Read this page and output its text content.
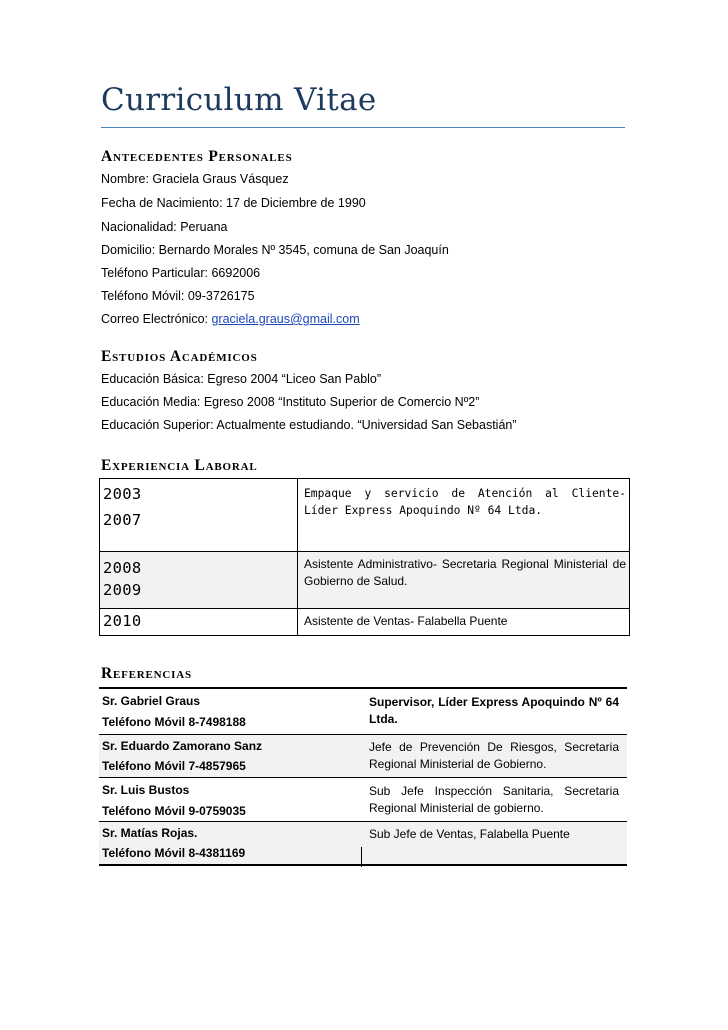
Curriculum Vitae
Antecedentes Personales

Nombre: Graciela Graus Vásquez

Fecha de Nacimiento: 17 de Diciembre de 1990

Nacionalidad: Peruana

Domicilio: Bernardo Morales Nº 3545, comuna de San Joaquín

Teléfono Particular: 6692006

Teléfono Móvil: 09-3726175

Correo Electrónico: graciela.graus@gmail.com

Estudios Académicos

Educación Básica: Egreso 2004 “Liceo San Pablo”

Educación Media: Egreso 2008 “Instituto Superior de Comercio Nº2”

Educación Superior: Actualmente estudiando. “Universidad San Sebastián”

Experiencia Laboral
2003
2007
Empaque y servicio de Atención al Cliente- Líder Express Apoquindo Nº 64 Ltda.
2008
2009
Asistente Administrativo- Secretaria Regional Ministerial de Gobierno de Salud.
2010	Asistente de Ventas- Falabella Puente
Referencias
Sr. Gabriel Graus
Teléfono Móvil 8-7498188
Supervisor, Líder Express Apoquindo Nº 64 Ltda.
Sr. Eduardo Zamorano Sanz
Teléfono Móvil 7-4857965
Jefe de Prevención De Riesgos, Secretaria Regional Ministerial de Gobierno.
Sr. Luis Bustos
Teléfono Móvil 9-0759035
Sub Jefe Inspección Sanitaria, Secretaria Regional Ministerial de gobierno.
Sr. Matías Rojas.
Teléfono Móvil 8-4381169
Sub Jefe de Ventas, Falabella Puente
